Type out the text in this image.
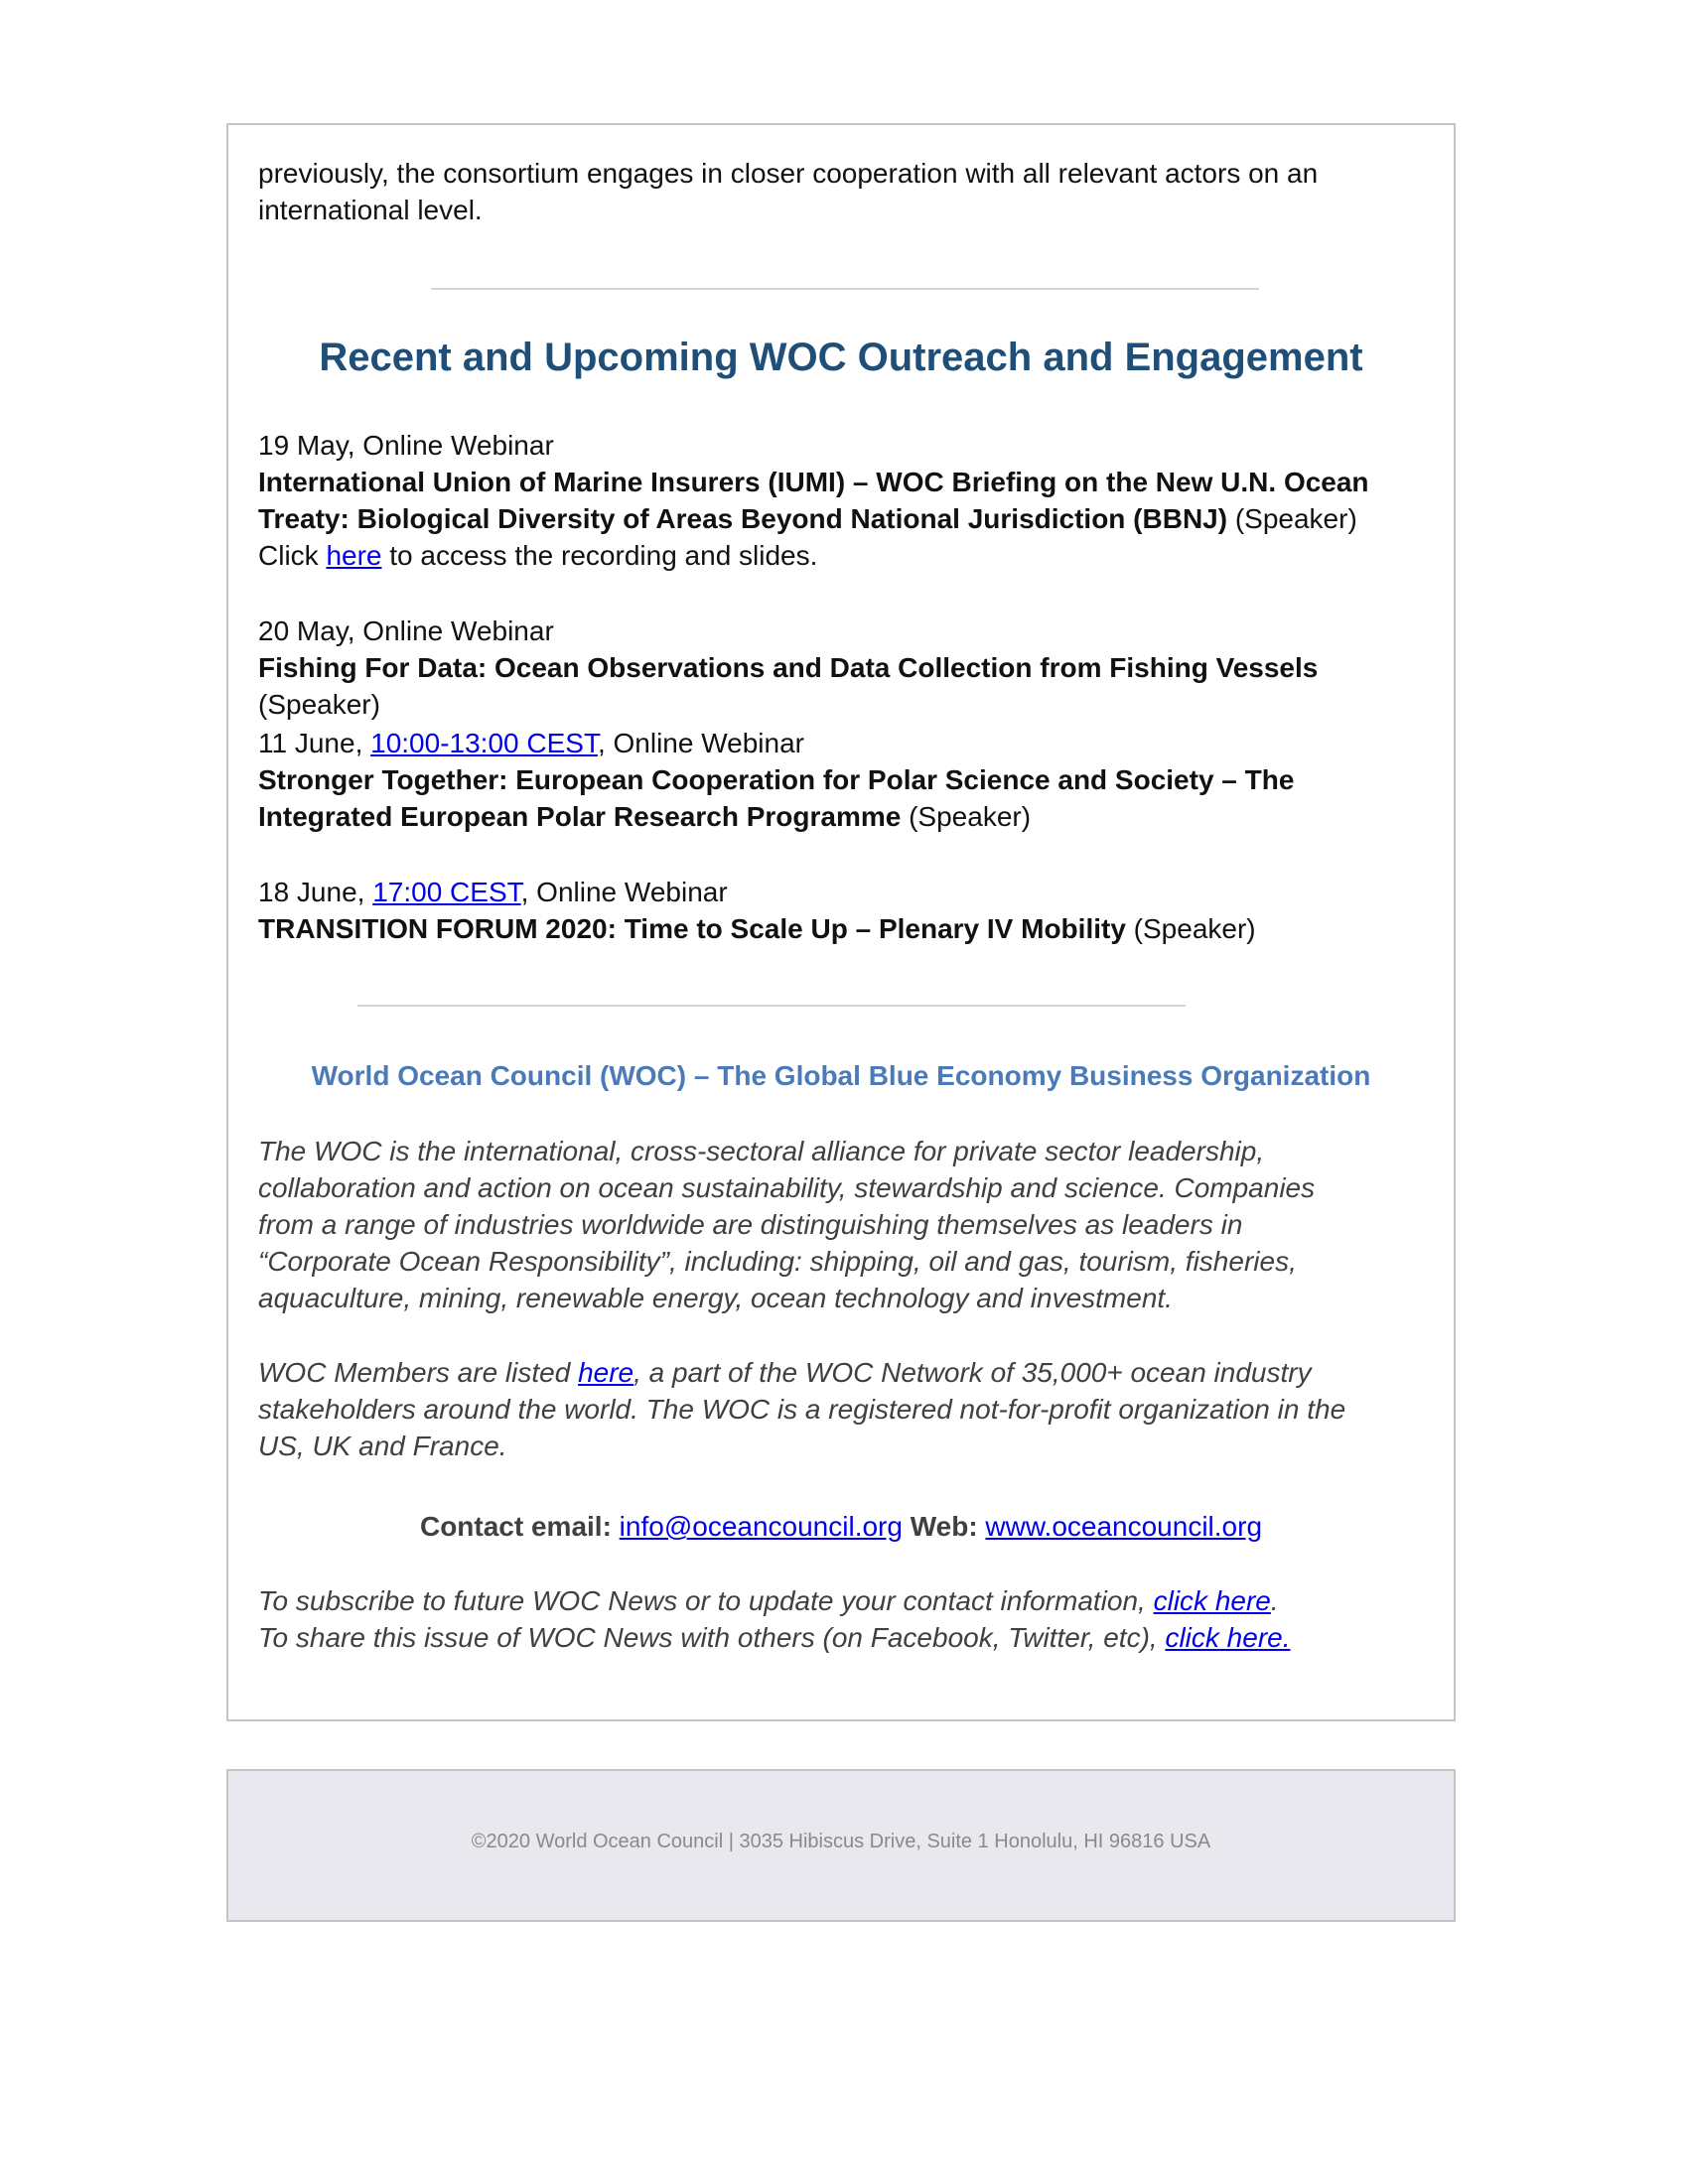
previously, the consortium engages in closer cooperation with all relevant actors on an international level.

Recent and Upcoming WOC Outreach and Engagement
19 May, Online Webinar
International Union of Marine Insurers (IUMI) – WOC Briefing on the New U.N. Ocean Treaty: Biological Diversity of Areas Beyond National Jurisdiction (BBNJ) (Speaker)
Click here to access the recording and slides.
20 May, Online Webinar
Fishing For Data: Ocean Observations and Data Collection from Fishing Vessels (Speaker)
11 June, 10:00-13:00 CEST, Online Webinar
Stronger Together: European Cooperation for Polar Science and Society – The Integrated European Polar Research Programme (Speaker)
18 June, 17:00 CEST, Online Webinar
TRANSITION FORUM 2020: Time to Scale Up – Plenary IV Mobility (Speaker)
World Ocean Council (WOC) – The Global Blue Economy Business Organization

The WOC is the international, cross-sectoral alliance for private sector leadership, collaboration and action on ocean sustainability, stewardship and science. Companies from a range of industries worldwide are distinguishing themselves as leaders in “Corporate Ocean Responsibility”, including: shipping, oil and gas, tourism, fisheries, aquaculture, mining, renewable energy, ocean technology and investment.

WOC Members are listed here, a part of the WOC Network of 35,000+ ocean industry stakeholders around the world. The WOC is a registered not-for-profit organization in the US, UK and France.

Contact email: info@oceancouncil.org Web: www.oceancouncil.org

To subscribe to future WOC News or to update your contact information, click here.
To share this issue of WOC News with others (on Facebook, Twitter, etc), click here.

©2020 World Ocean Council | 3035 Hibiscus Drive, Suite 1 Honolulu, HI 96816 USA
